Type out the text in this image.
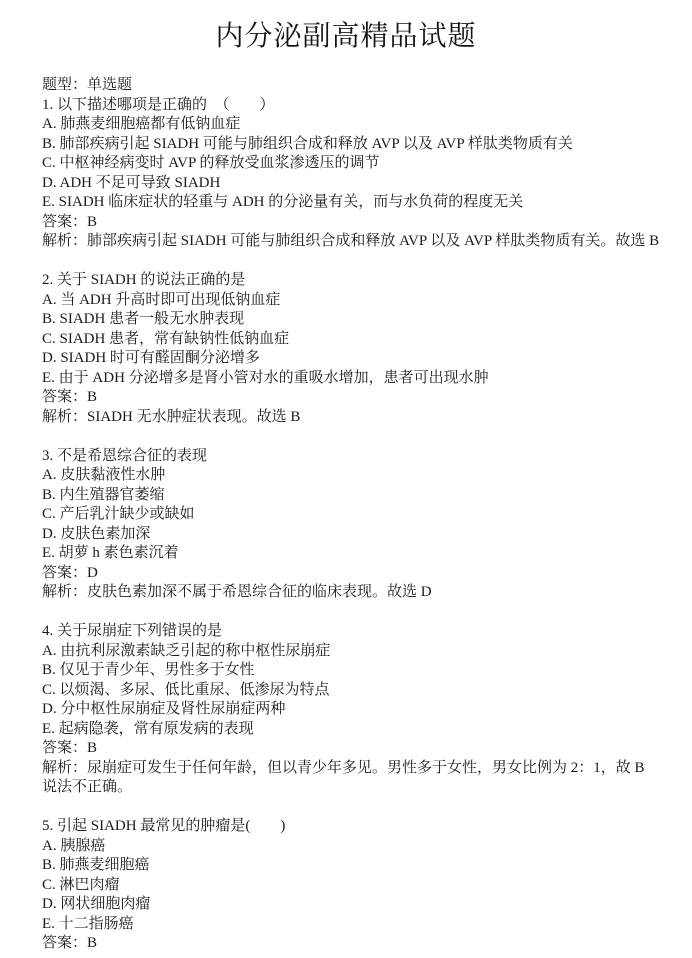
内分泌副高精品试题

题型：单选题

1. 以下描述哪项是正确的　（　　）

A. 肺燕麦细胞癌都有低钠血症

B. 肺部疾病引起 SIADH 可能与肺组织合成和释放 AVP 以及 AVP 样肽类物质有关

C. 中枢神经病变时 AVP 的释放受血浆渗透压的调节

D. ADH 不足可导致 SIADH

E. SIADH 临床症状的轻重与 ADH 的分泌量有关，而与水负荷的程度无关

答案：B

解析：肺部疾病引起 SIADH 可能与肺组织合成和释放 AVP 以及 AVP 样肽类物质有关。故选 B

2. 关于 SIADH 的说法正确的是

A. 当 ADH 升高时即可出现低钠血症

B. SIADH 患者一般无水肿表现

C. SIADH 患者，常有缺钠性低钠血症

D. SIADH 时可有醛固酮分泌增多

E. 由于 ADH 分泌增多是肾小管对水的重吸水增加，患者可出现水肿

答案：B

解析：SIADH 无水肿症状表现。故选 B

3. 不是希恩综合征的表现

A. 皮肤黏液性水肿

B. 内生殖器官萎缩

C. 产后乳汁缺少或缺如

D. 皮肤色素加深

E. 胡萝 h 素色素沉着

答案：D

解析：皮肤色素加深不属于希恩综合征的临床表现。故选 D

4. 关于尿崩症下列错误的是

A. 由抗利尿激素缺乏引起的称中枢性尿崩症

B. 仅见于青少年、男性多于女性

C. 以烦渴、多尿、低比重尿、低渗尿为特点

D. 分中枢性尿崩症及肾性尿崩症两种

E. 起病隐袭，常有原发病的表现

答案：B

解析：尿崩症可发生于任何年龄，但以青少年多见。男性多于女性，男女比例为 2：1，故 B 说法不正确。

5. 引起 SIADH 最常见的肿瘤是(　　)

A. 胰腺癌

B. 肺燕麦细胞癌

C. 淋巴肉瘤

D. 网状细胞肉瘤

E. 十二指肠癌

答案：B
